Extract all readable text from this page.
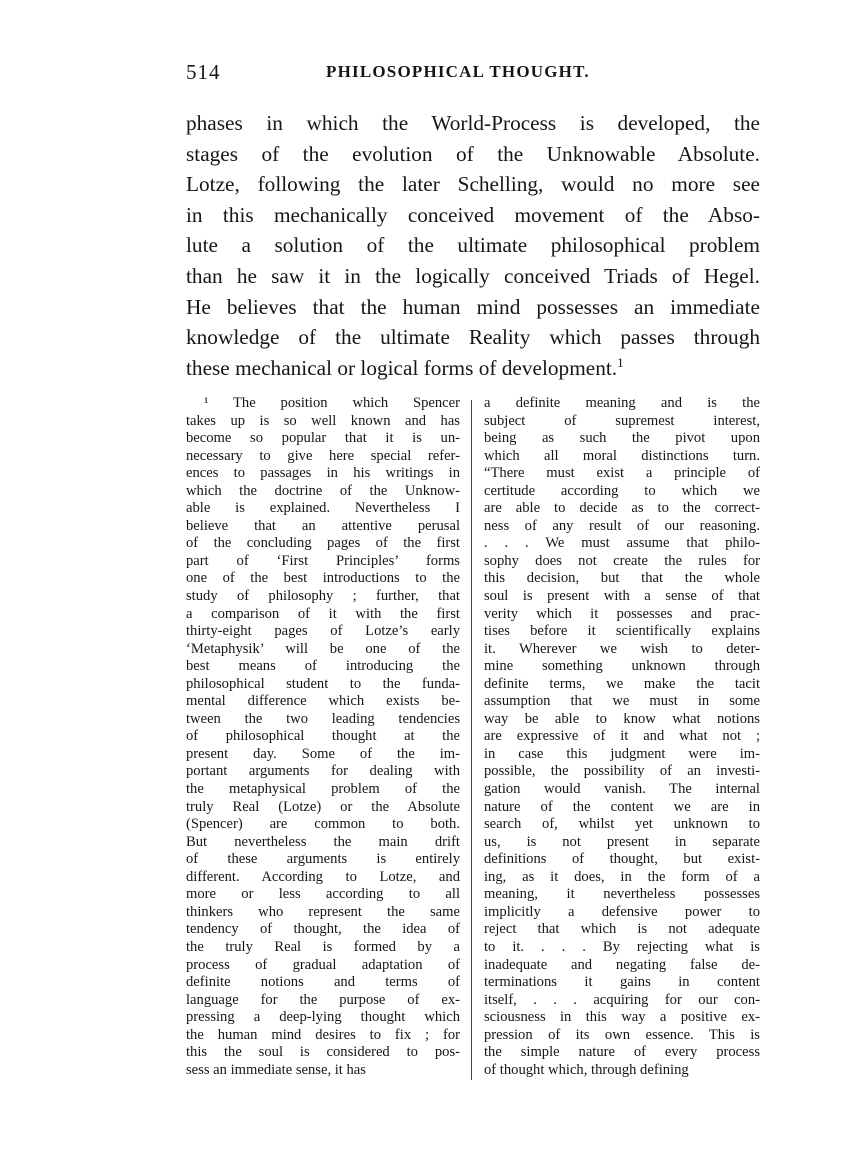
514	PHILOSOPHICAL THOUGHT.
phases in which the World-Process is developed, the
stages of the evolution of the Unknowable Absolute.
Lotze, following the later Schelling, would no more see
in this mechanically conceived movement of the Abso-
lute a solution of the ultimate philosophical problem
than he saw it in the logically conceived Triads of Hegel.
He believes that the human mind possesses an immediate
knowledge of the ultimate Reality which passes through
these mechanical or logical forms of development.$^1$
¹ The position which Spencer
takes up is so well known and has
become so popular that it is un-
necessary to give here special refer-
ences to passages in his writings in
which the doctrine of the Unknow-
able is explained. Nevertheless I
believe that an attentive perusal
of the concluding pages of the first
part of ‘First Principles’ forms
one of the best introductions to the
study of philosophy ; further, that
a comparison of it with the first
thirty-eight pages of Lotze’s early
‘Metaphysik’ will be one of the
best means of introducing the
philosophical student to the funda-
mental difference which exists be-
tween the two leading tendencies
of philosophical thought at the
present day. Some of the im-
portant arguments for dealing with
the metaphysical problem of the
truly Real (Lotze) or the Absolute
(Spencer) are common to both.
But nevertheless the main drift
of these arguments is entirely
different. According to Lotze, and
more or less according to all
thinkers who represent the same
tendency of thought, the idea of
the truly Real is formed by a
process of gradual adaptation of
definite notions and terms of
language for the purpose of ex-
pressing a deep-lying thought which
the human mind desires to fix ; for
this the soul is considered to pos-
sess an immediate sense, it has
a definite meaning and is the
subject of supremest interest,
being as such the pivot upon
which all moral distinctions turn.
“There must exist a principle of
certitude according to which we
are able to decide as to the correct-
ness of any result of our reasoning.
. . . We must assume that philo-
sophy does not create the rules for
this decision, but that the whole
soul is present with a sense of that
verity which it possesses and prac-
tises before it scientifically explains
it. Wherever we wish to deter-
mine something unknown through
definite terms, we make the tacit
assumption that we must in some
way be able to know what notions
are expressive of it and what not ;
in case this judgment were im-
possible, the possibility of an investi-
gation would vanish. The internal
nature of the content we are in
search of, whilst yet unknown to
us, is not present in separate
definitions of thought, but exist-
ing, as it does, in the form of a
meaning, it nevertheless possesses
implicitly a defensive power to
reject that which is not adequate
to it. . . . By rejecting what is
inadequate and negating false de-
terminations it gains in content
itself, . . . acquiring for our con-
sciousness in this way a positive ex-
pression of its own essence. This is
the simple nature of every process
of thought which, through defining
